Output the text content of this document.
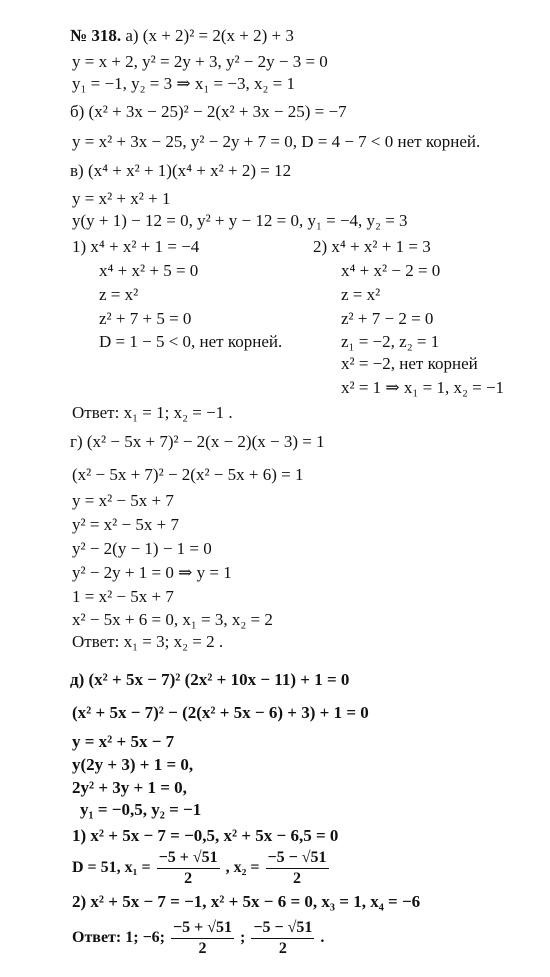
№ 318. а) (x + 2)² = 2(x + 2) + 3
y = x + 2, y² = 2y + 3, y² − 2y − 3 = 0
y₁ = −1, y₂ = 3 ⇒ x₁ = −3, x₂ = 1
б) (x² + 3x − 25)² − 2(x² + 3x − 25) = −7
y = x² + 3x − 25, y² − 2y + 7 = 0, D = 4 − 7 < 0 нет корней.
в) (x⁴ + x² + 1)(x⁴ + x² + 2) = 12
y = x² + x² + 1
y(y + 1) − 12 = 0, y² + y − 12 = 0, y₁ = −4, y₂ = 3
1) x⁴ + x² + 1 = −4
x⁴ + x² + 5 = 0
z = x²
z² + 7 + 5 = 0
D = 1 − 5 < 0, нет корней.
2) x⁴ + x² + 1 = 3
x⁴ + x² − 2 = 0
z = x²
z² + 7 − 2 = 0
z₁ = −2, z₂ = 1
x² = −2, нет корней
x² = 1 ⇒ x₁ = 1, x₂ = −1
Ответ: x₁ = 1; x₂ = −1 .
г) (x² − 5x + 7)² − 2(x − 2)(x − 3) = 1
(x² − 5x + 7)² − 2(x² − 5x + 6) = 1
y = x² − 5x + 7
y² = x² − 5x + 7
y² − 2(y − 1) − 1 = 0
y² − 2y + 1 = 0 ⇒ y = 1
1 = x² − 5x + 7
x² − 5x + 6 = 0, x₁ = 3, x₂ = 2
Ответ: x₁ = 3; x₂ = 2 .
д) (x² + 5x − 7)² (2x² + 10x − 11) + 1 = 0
(x² + 5x − 7)² − (2(x² + 5x − 6) + 3) + 1 = 0
y = x² + 5x − 7
y(2y + 3) + 1 = 0,
2y² + 3y + 1 = 0,
y₁ = −0,5, y₂ = −1
1) x² + 5x − 7 = −0,5, x² + 5x − 6,5 = 0
D = 51, $x_1 = \frac{-5 + √51}{2}$ , $x_2 = \frac{-5 - √51}{2}$
2) x² + 5x − 7 = −1, x² + 5x − 6 = 0, x₃ = 1, x₄ = −6
Ответ: 1; −6; $\frac{-5 + √51}{2}$ ; $\frac{-5 - √51}{2}$ .
